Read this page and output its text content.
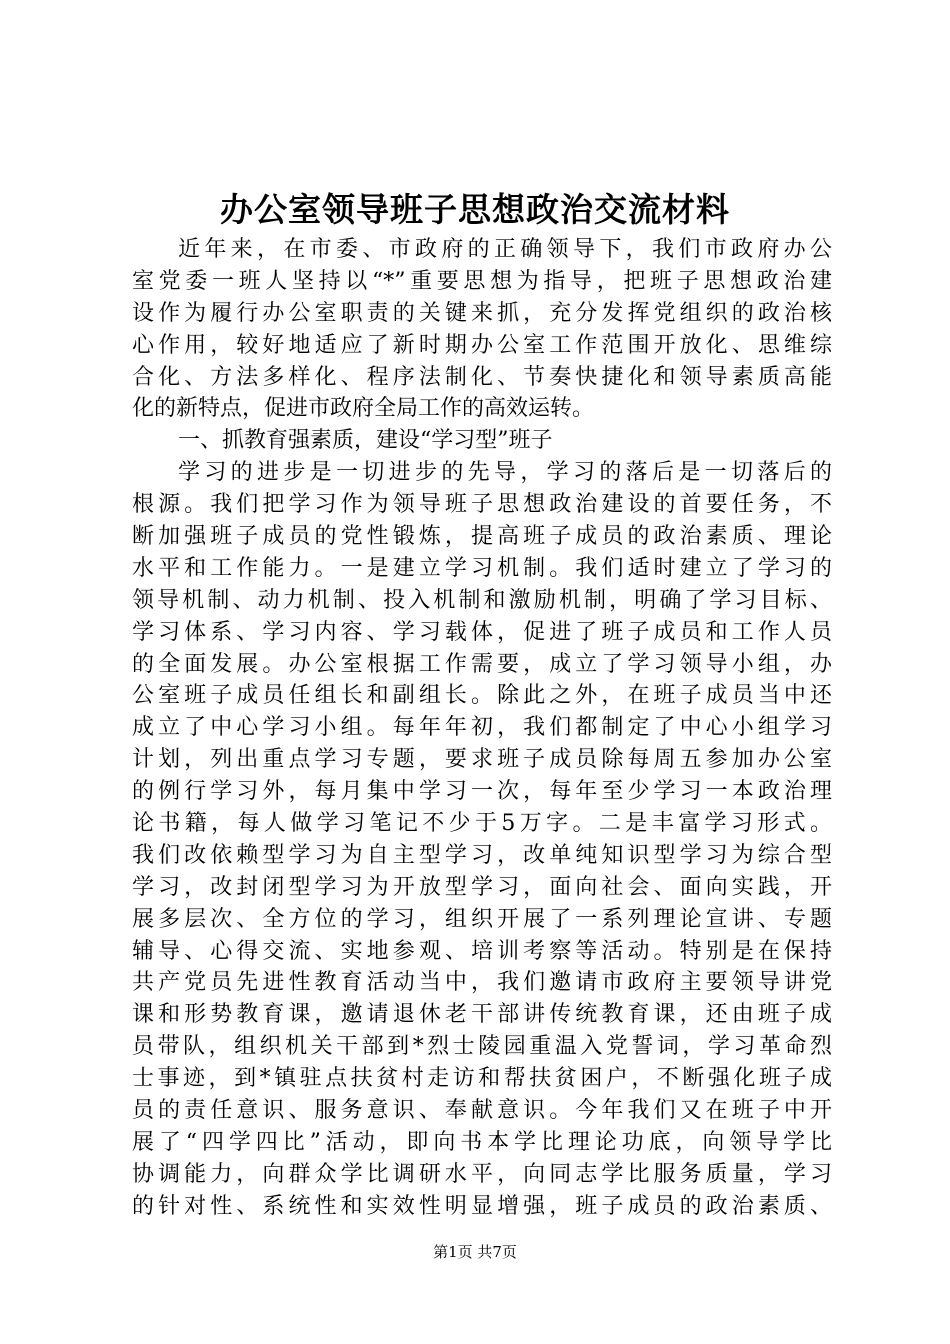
办公室领导班子思想政治交流材料
近年来，在市委、市政府的正确领导下，我们市政府办公
室党委一班人坚持以“*”重要思想为指导，把班子思想政治建
设作为履行办公室职责的关键来抓，充分发挥党组织的政治核
心作用，较好地适应了新时期办公室工作范围开放化、思维综
合化、方法多样化、程序法制化、节奏快捷化和领导素质高能
化的新特点，促进市政府全局工作的高效运转。
一、抓教育强素质，建设“学习型”班子
学习的进步是一切进步的先导，学习的落后是一切落后的
根源。我们把学习作为领导班子思想政治建设的首要任务，不
断加强班子成员的党性锻炼，提高班子成员的政治素质、理论
水平和工作能力。一是建立学习机制。我们适时建立了学习的
领导机制、动力机制、投入机制和激励机制，明确了学习目标、
学习体系、学习内容、学习载体，促进了班子成员和工作人员
的全面发展。办公室根据工作需要，成立了学习领导小组，办
公室班子成员任组长和副组长。除此之外，在班子成员当中还
成立了中心学习小组。每年年初，我们都制定了中心小组学习
计划，列出重点学习专题，要求班子成员除每周五参加办公室
的例行学习外，每月集中学习一次，每年至少学习一本政治理
论书籍，每人做学习笔记不少于5万字。二是丰富学习形式。
我们改依赖型学习为自主型学习，改单纯知识型学习为综合型
学习，改封闭型学习为开放型学习，面向社会、面向实践，开
展多层次、全方位的学习，组织开展了一系列理论宣讲、专题
辅导、心得交流、实地参观、培训考察等活动。特别是在保持
共产党员先进性教育活动当中，我们邀请市政府主要领导讲党
课和形势教育课，邀请退休老干部讲传统教育课，还由班子成
员带队，组织机关干部到*烈士陵园重温入党誓词，学习革命烈
士事迹，到*镇驻点扶贫村走访和帮扶贫困户，不断强化班子成
员的责任意识、服务意识、奉献意识。今年我们又在班子中开
展了“四学四比”活动，即向书本学比理论功底，向领导学比
协调能力，向群众学比调研水平，向同志学比服务质量，学习
的针对性、系统性和实效性明显增强，班子成员的政治素质、
第1页 共7页
